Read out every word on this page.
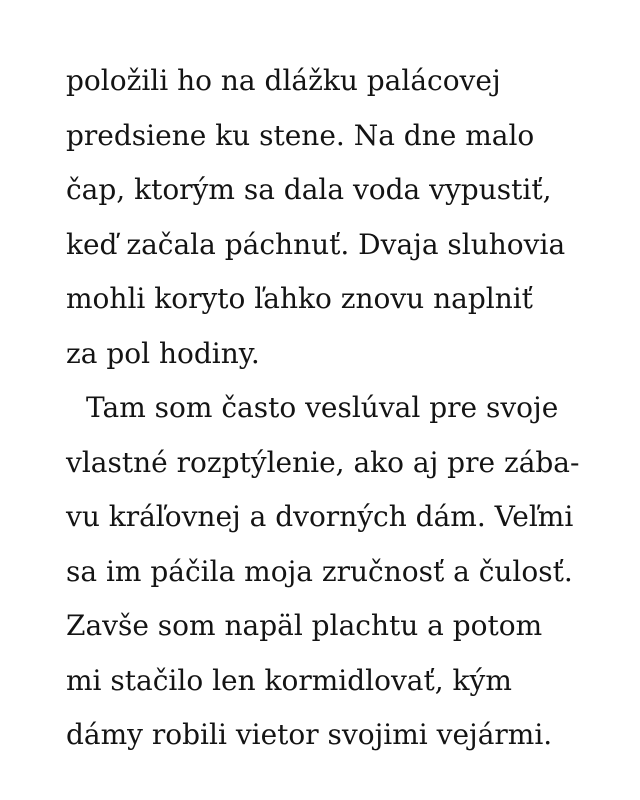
položili ho na dlážku palácovej
predsiene ku stene. Na dne malo
čap, ktorým sa dala voda vypustiť,
keď začala páchnuť. Dvaja sluhovia
mohli koryto ľahko znovu naplniť
za pol hodiny.
Tam som často veslúval pre svoje
vlastné rozptýlenie, ako aj pre zába-
vu kráľovnej a dvorných dám. Veľmi
sa im páčila moja zručnosť a čulosť.
Zavše som napäl plachtu a potom
mi stačilo len kormidlovať, kým
dámy robili vietor svojimi vejármi.
